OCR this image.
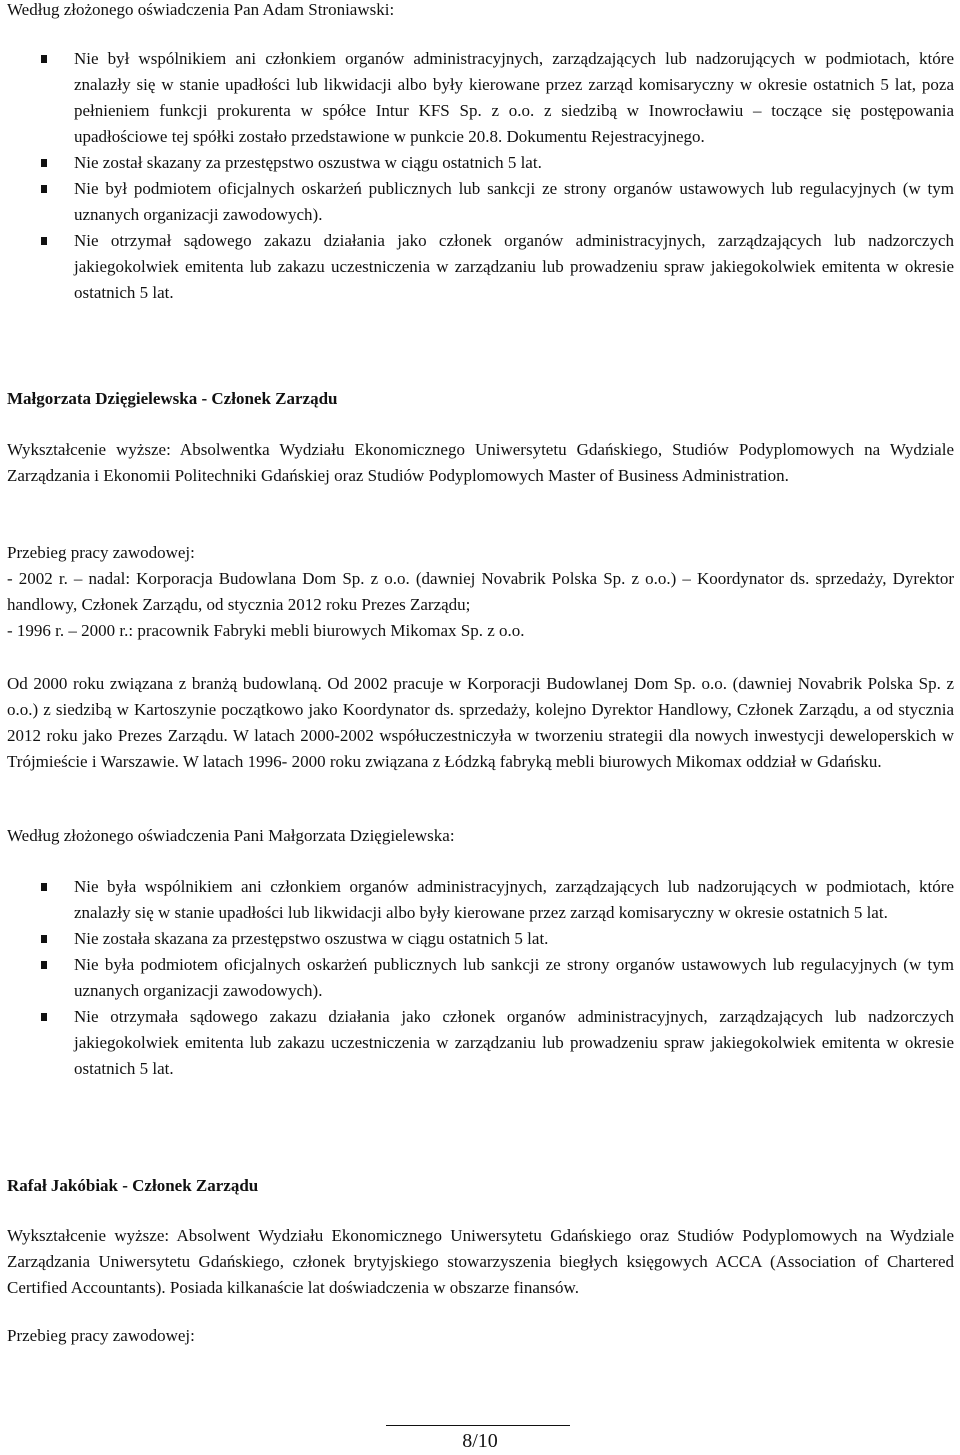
Według złożonego oświadczenia Pan Adam Stroniawski:

Nie był wspólnikiem ani członkiem organów administracyjnych, zarządzających lub nadzorujących w podmiotach, które znalazły się w stanie upadłości lub likwidacji albo były kierowane przez zarząd komisaryczny w okresie ostatnich 5 lat, poza pełnieniem funkcji prokurenta w spółce Intur KFS Sp. z o.o. z siedzibą w Inowrocławiu – toczące się postępowania upadłościowe tej spółki zostało przedstawione w punkcie 20.8. Dokumentu Rejestracyjnego.
Nie został skazany za przestępstwo oszustwa w ciągu ostatnich 5 lat.
Nie był podmiotem oficjalnych oskarżeń publicznych lub sankcji ze strony organów ustawowych lub regulacyjnych (w tym uznanych organizacji zawodowych).
Nie otrzymał sądowego zakazu działania jako członek organów administracyjnych, zarządzających lub nadzorczych jakiegokolwiek emitenta lub zakazu uczestniczenia w zarządzaniu lub prowadzeniu spraw jakiegokolwiek emitenta w okresie ostatnich 5 lat.

Małgorzata Dzięgielewska - Członek Zarządu

Wykształcenie wyższe: Absolwentka Wydziału Ekonomicznego Uniwersytetu Gdańskiego, Studiów Podyplomowych na Wydziale Zarządzania i Ekonomii Politechniki Gdańskiej oraz Studiów Podyplomowych Master of Business Administration.

Przebieg pracy zawodowej:

- 2002 r. – nadal: Korporacja Budowlana Dom Sp. z o.o. (dawniej Novabrik Polska Sp. z o.o.) – Koordynator ds. sprzedaży, Dyrektor handlowy, Członek Zarządu, od stycznia 2012 roku Prezes Zarządu;

- 1996 r. – 2000 r.: pracownik Fabryki mebli biurowych Mikomax Sp. z o.o.

Od 2000 roku związana z branżą budowlaną. Od 2002 pracuje w Korporacji Budowlanej Dom Sp. o.o. (dawniej Novabrik Polska Sp. z o.o.) z siedzibą w Kartoszynie początkowo jako Koordynator ds. sprzedaży, kolejno Dyrektor Handlowy, Członek Zarządu, a od stycznia 2012 roku jako Prezes Zarządu. W latach 2000-2002 współuczestniczyła w tworzeniu strategii dla nowych inwestycji deweloperskich w Trójmieście i Warszawie. W latach 1996- 2000 roku związana z Łódzką fabryką mebli biurowych Mikomax oddział w Gdańsku.

Według złożonego oświadczenia Pani Małgorzata Dzięgielewska:

Nie była wspólnikiem ani członkiem organów administracyjnych, zarządzających lub nadzorujących w podmiotach, które znalazły się w stanie upadłości lub likwidacji albo były kierowane przez zarząd komisaryczny w okresie ostatnich 5 lat.
Nie została skazana za przestępstwo oszustwa w ciągu ostatnich 5 lat.
Nie była podmiotem oficjalnych oskarżeń publicznych lub sankcji ze strony organów ustawowych lub regulacyjnych (w tym uznanych organizacji zawodowych).
Nie otrzymała sądowego zakazu działania jako członek organów administracyjnych, zarządzających lub nadzorczych jakiegokolwiek emitenta lub zakazu uczestniczenia w zarządzaniu lub prowadzeniu spraw jakiegokolwiek emitenta w okresie ostatnich 5 lat.

Rafał Jakóbiak - Członek Zarządu

Wykształcenie wyższe: Absolwent Wydziału Ekonomicznego Uniwersytetu Gdańskiego oraz Studiów Podyplomowych na Wydziale Zarządzania Uniwersytetu Gdańskiego, członek brytyjskiego stowarzyszenia biegłych księgowych ACCA (Association of Chartered Certified Accountants). Posiada kilkanaście lat doświadczenia w obszarze finansów.

Przebieg pracy zawodowej:

8/10
